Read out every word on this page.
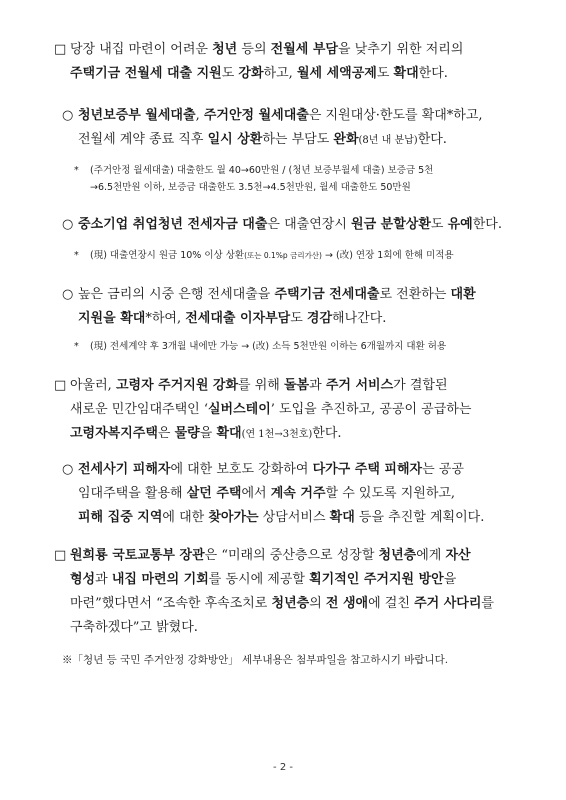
□ 당장 내집 마련이 어려운 청년 등의 전월세 부담을 낮추기 위한 저리의
주택기금 전월세 대출 지원도 강화하고, 월세 세액공제도 확대한다.
○ 청년보증부 월세대출, 주거안정 월세대출은 지원대상·한도를 확대*하고,
전월세 계약 종료 직후 일시 상환하는 부담도 완화(8년 내 분납)한다.
* (주거안정 월세대출) 대출한도 월 40→60만원 / (청년 보증부월세 대출) 보증금 5천
→6.5천만원 이하, 보증금 대출한도 3.5천→4.5천만원, 월세 대출한도 50만원
○ 중소기업 취업청년 전세자금 대출은 대출연장시 원금 분할상환도 유예한다.
* (現) 대출연장시 원금 10% 이상 상환(또는 0.1%p 금리가산) → (改) 연장 1회에 한해 미적용
○ 높은 금리의 시중 은행 전세대출을 주택기금 전세대출로 전환하는 대환
지원을 확대*하여, 전세대출 이자부담도 경감해나간다.
* (現) 전세계약 후 3개월 내에만 가능 → (改) 소득 5천만원 이하는 6개월까지 대환 허용
□ 아울러, 고령자 주거지원 강화를 위해 돌봄과 주거 서비스가 결합된
새로운 민간임대주택인 ‘실버스테이’ 도입을 추진하고, 공공이 공급하는
고령자복지주택은 물량을 확대(연 1천→3천호)한다.
○ 전세사기 피해자에 대한 보호도 강화하여 다가구 주택 피해자는 공공
임대주택을 활용해 살던 주택에서 계속 거주할 수 있도록 지원하고,
피해 집중 지역에 대한 찾아가는 상담서비스 확대 등을 추진할 계획이다.
□ 원희룡 국토교통부 장관은 “미래의 중산층으로 성장할 청년층에게 자산
형성과 내집 마련의 기회를 동시에 제공할 획기적인 주거지원 방안을
마련”했다면서 “조속한 후속조치로 청년층의 전 생애에 걸친 주거 사다리를
구축하겠다”고 밝혔다.
※「청년 등 국민 주거안정 강화방안」 세부내용은 첨부파일을 참고하시기 바랍니다.
- 2 -
